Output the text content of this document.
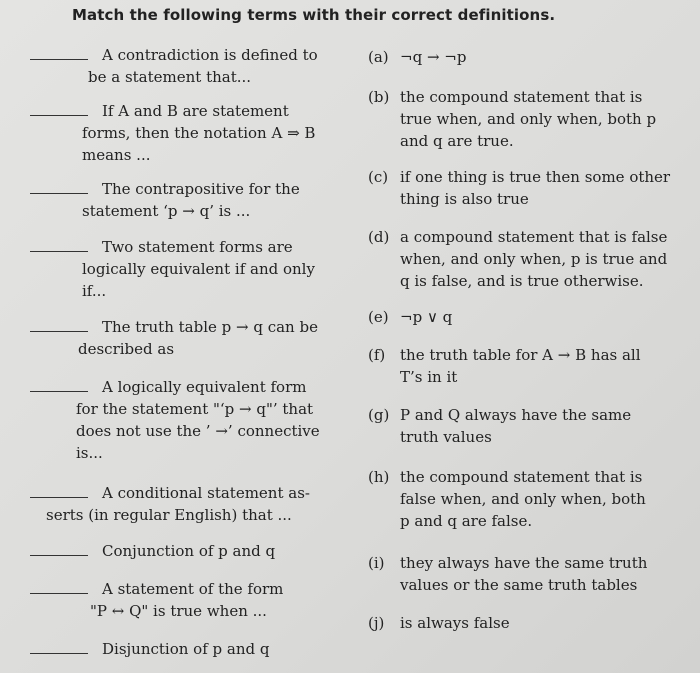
Match the following terms with their correct definitions.
A contradiction is defined to
be a statement that...
If A and B are statement
forms, then the notation A ⇒ B
means ...
The contrapositive for the
statement ‘p → q’ is ...
Two statement forms are
logically equivalent if and only
if...
The truth table p → q can be
described as
A logically equivalent form
for the statement "‘p → q"’ that
does not use the ’ →’ connective
is...
A conditional statement as-
serts (in regular English) that ...
Conjunction of p and q
A statement of the form
"P ↔ Q" is true when ...
Disjunction of p and q
(a) ¬q → ¬p
(b) the compound statement that is
true when, and only when, both p
and q are true.
(c) if one thing is true then some other
thing is also true
(d) a compound statement that is false
when, and only when, p is true and
q is false, and is true otherwise.
(e) ¬p ∨ q
(f) the truth table for A → B has all
T’s in it
(g) P and Q always have the same
truth values
(h) the compound statement that is
false when, and only when, both
p and q are false.
(i)	they always have the same truth
values or the same truth tables
(j)	is always false
